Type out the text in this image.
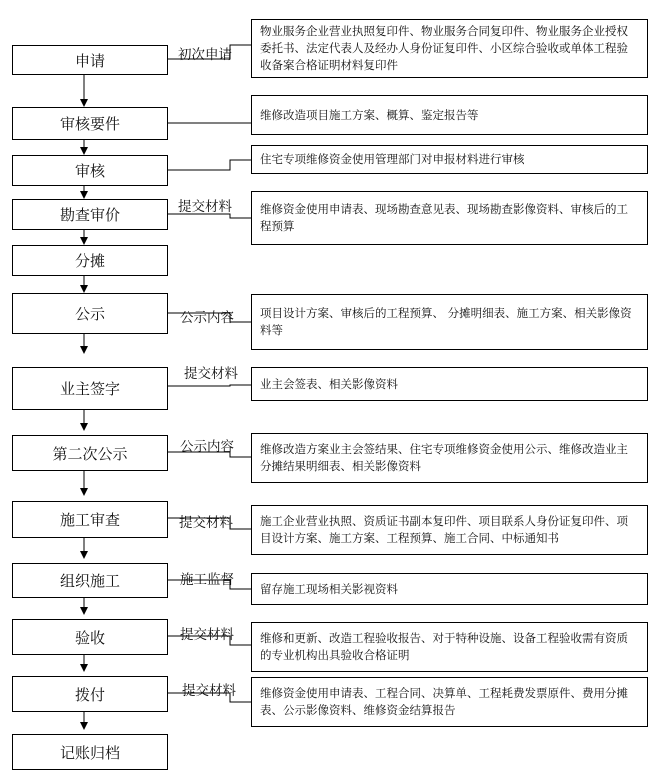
申请
审核要件
审核
勘查审价
分摊
公示
业主签字
第二次公示
施工审查
组织施工
验收
拨付
记账归档
初次申请
提交材料
公示内容
提交材料
公示内容
提交材料
施工监督
提交材料
提交材料
物业服务企业营业执照复印件、物业服务合同复印件、物业服务企业授权委托书、法定代表人及经办人身份证复印件、小区综合验收或单体工程验收备案合格证明材料复印件
维修改造项目施工方案、概算、鉴定报告等
住宅专项维修资金使用管理部门对申报材料进行审核
维修资金使用申请表、现场勘查意见表、现场勘查影像资料、审核后的工程预算
项目设计方案、审核后的工程预算、 分摊明细表、施工方案、相关影像资料等
业主会签表、相关影像资料
维修改造方案业主会签结果、住宅专项维修资金使用公示、维修改造业主分摊结果明细表、相关影像资料
施工企业营业执照、资质证书副本复印件、项目联系人身份证复印件、项目设计方案、施工方案、工程预算、施工合同、中标通知书
留存施工现场相关影视资料
维修和更新、改造工程验收报告、对于特种设施、设备工程验收需有资质的专业机构出具验收合格证明
维修资金使用申请表、工程合同、决算单、工程耗费发票原件、费用分摊表、公示影像资料、维修资金结算报告
